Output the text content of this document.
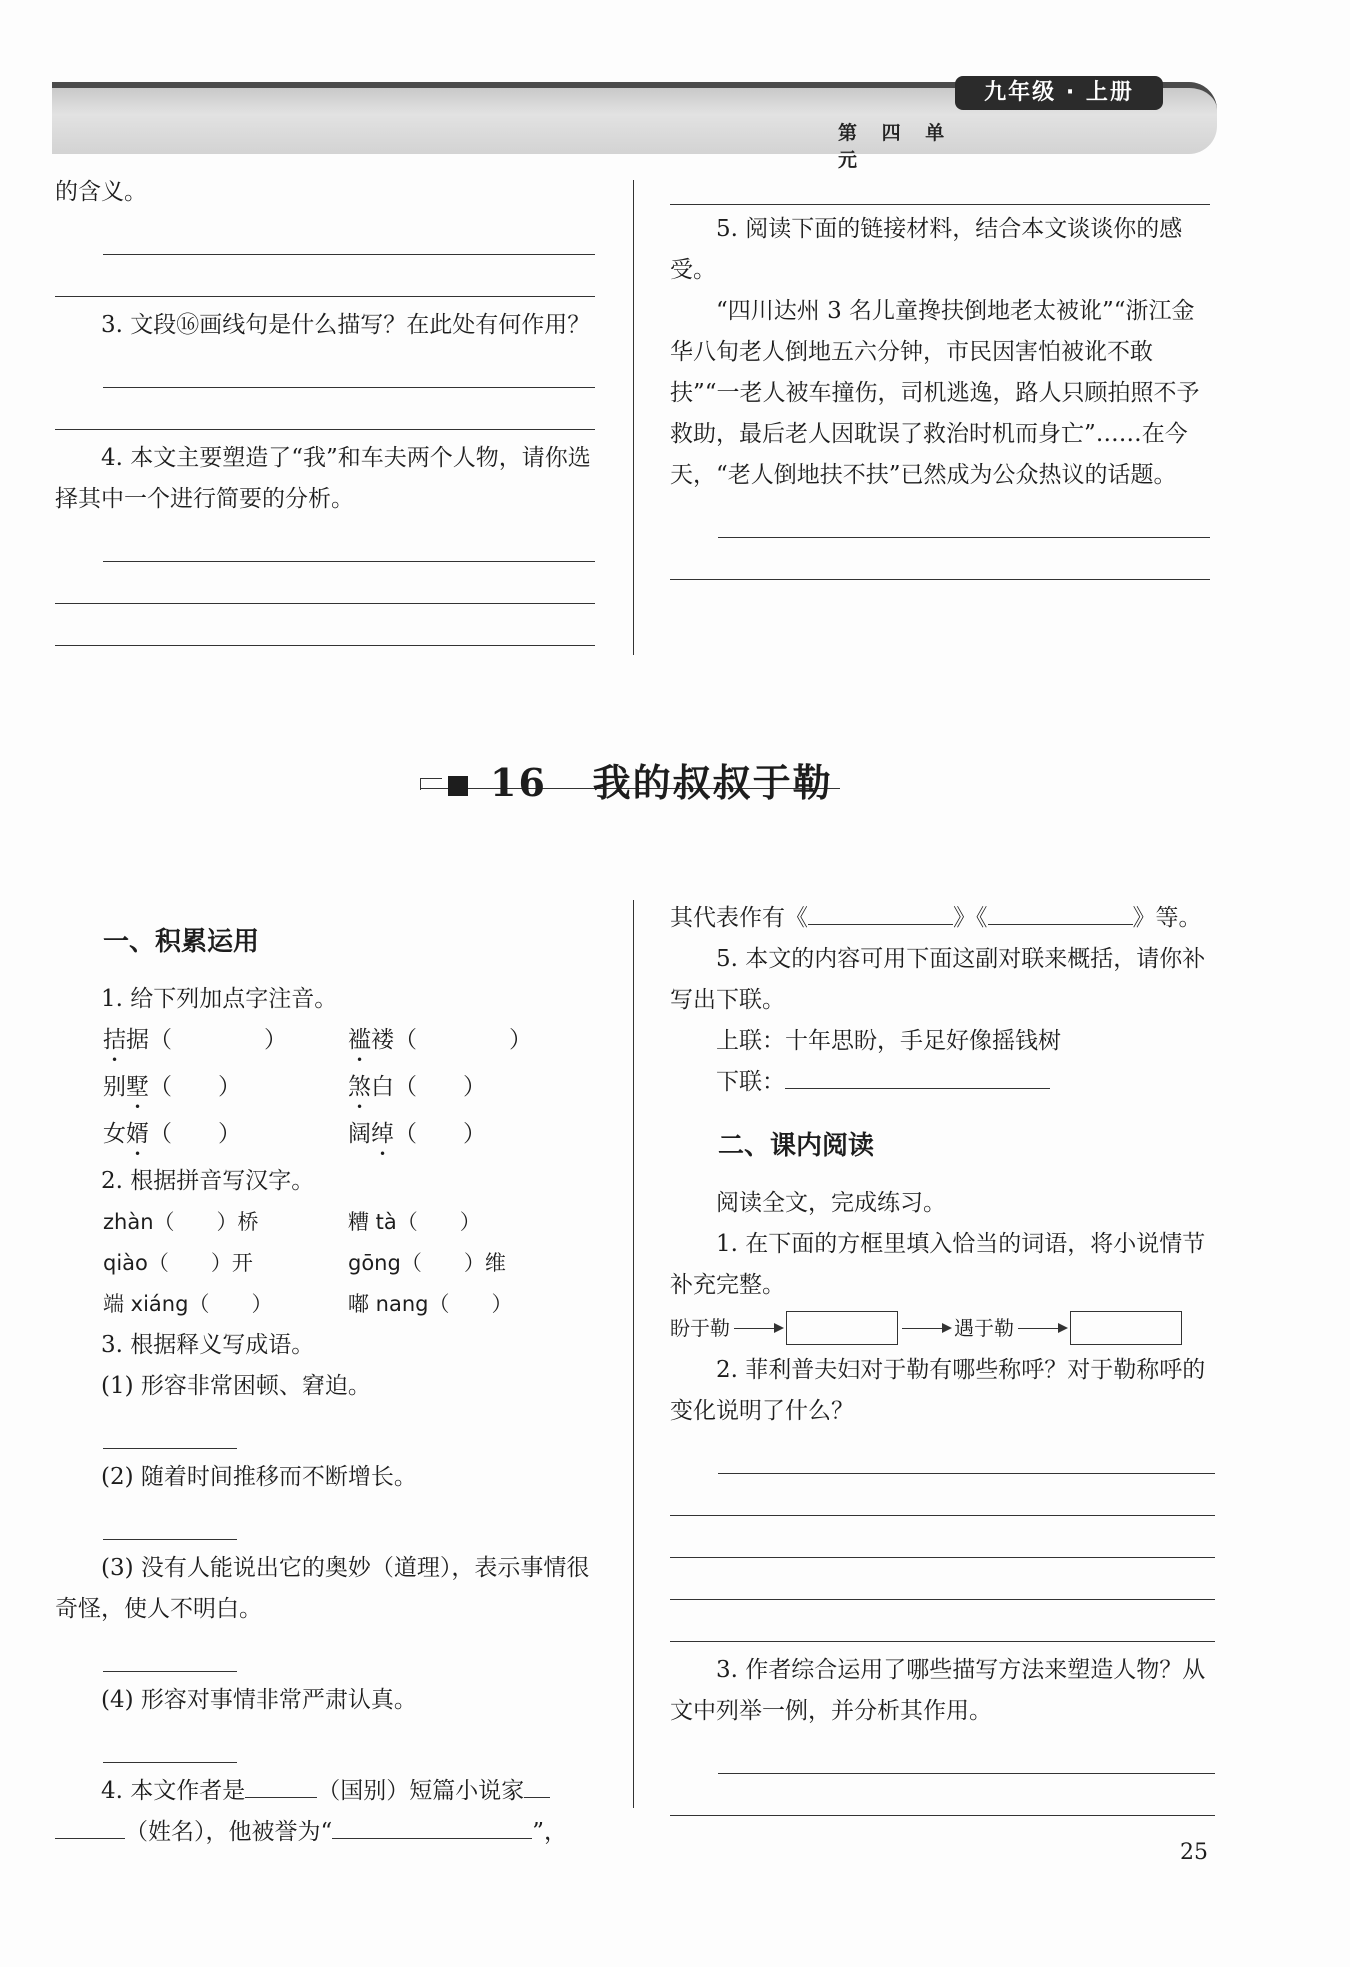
九年级 · 上册
第 四 单 元

的含义。

3. 文段⑯画线句是什么描写？在此处有何作用？

4. 本文主要塑造了“我”和车夫两个人物，请你选择其中一个进行简要的分析。

5. 阅读下面的链接材料，结合本文谈谈你的感受。

“四川达州 3 名儿童搀扶倒地老太被讹”“浙江金华八旬老人倒地五六分钟，市民因害怕被讹不敢扶”“一老人被车撞伤，司机逃逸，路人只顾拍照不予救助，最后老人因耽误了救治时机而身亡”……在今天，“老人倒地扶不扶”已然成为公众热议的话题。

16 我的叔叔于勒
一、积累运用

1. 给下列加点字注音。

拮据（　　　　）	褴褛（　　　　）
别墅（　　）	煞白（　　）
女婿（　　）	阔绰（　　）

2. 根据拼音写汉字。

zhàn（　　）桥	糟 tà（　　）
qiào（　　）开	gōng（　　）维
端 xiáng（　　）	嘟 nang（　　）

3. 根据释义写成语。

(1) 形容非常困顿、窘迫。

(2) 随着时间推移而不断增长。

(3) 没有人能说出它的奥妙（道理），表示事情很奇怪，使人不明白。

(4) 形容对事情非常严肃认真。

4. 本文作者是	（国别）短篇小说家

（姓名），他被誉为“	”，

其代表作有《	》《	》等。

5. 本文的内容可用下面这副对联来概括，请你补写出下联。

上联：十年思盼，手足好像摇钱树

下联：

二、课内阅读

阅读全文，完成练习。

1. 在下面的方框里填入恰当的词语，将小说情节补充完整。

盼于勒	遇于勒

2. 菲利普夫妇对于勒有哪些称呼？对于勒称呼的变化说明了什么？

3. 作者综合运用了哪些描写方法来塑造人物？从文中列举一例，并分析其作用。

25
